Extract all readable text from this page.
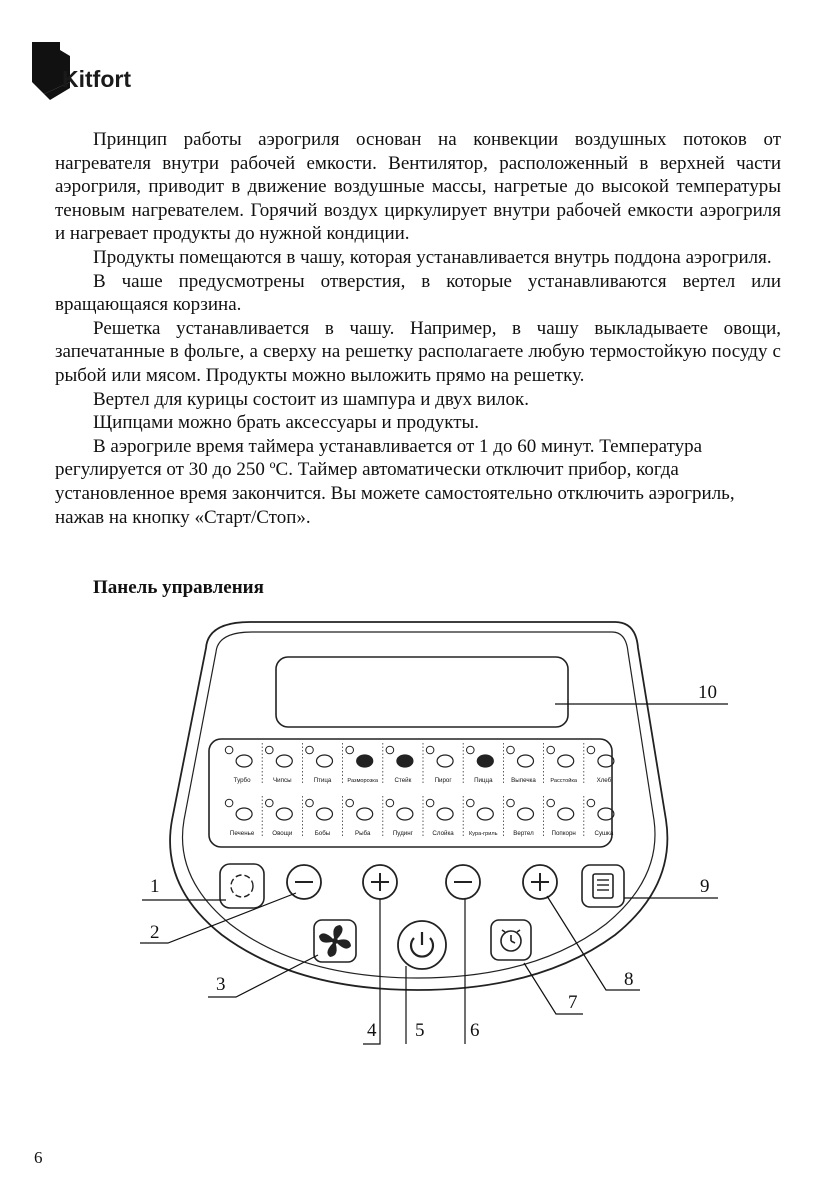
Kitfort

Принцип работы аэрогриля основан на конвекции воздушных потоков от нагревателя внутри рабочей емкости. Вентилятор, расположенный в верхней части аэрогриля, приводит в движение воздушные массы, нагретые до высокой температуры теновым нагревателем. Горячий воздух циркулирует внутри рабочей емкости аэрогриля и нагревает продукты до нужной кондиции.

Продукты помещаются в чашу, которая устанавливается внутрь поддона аэрогриля.

В чаше предусмотрены отверстия, в которые устанавливаются вертел или вращающаяся корзина.

Решетка устанавливается в чашу. Например, в чашу выкладываете овощи, запечатанные в фольге, а сверху на решетку располагаете любую термостойкую посуду с рыбой или мясом. Продукты можно выложить прямо на решетку.

Вертел для курицы состоит из шампура и двух вилок.

Щипцами можно брать аксессуары и продукты.

В аэрогриле время таймера устанавливается от 1 до 60 минут. Температура регулируется от 30 до 250 ºC. Таймер автоматически отключит прибор, когда установленное время закончится. Вы можете самостоятельно отключить аэрогриль, нажав на кнопку «Старт/Стоп».

Панель управления
Турбо	Чипсы	Птица	Разморозка	Стейк	Пирог	Пицца	Выпечка	Расстойка	Хлеб
Печенье	Овощи	Бобы	Рыба	Пудинг	Слойка	Кура-гриль	Вертел	Попкорн	Сушка
1
2
3
4 5 6
7
8
9
10
6
